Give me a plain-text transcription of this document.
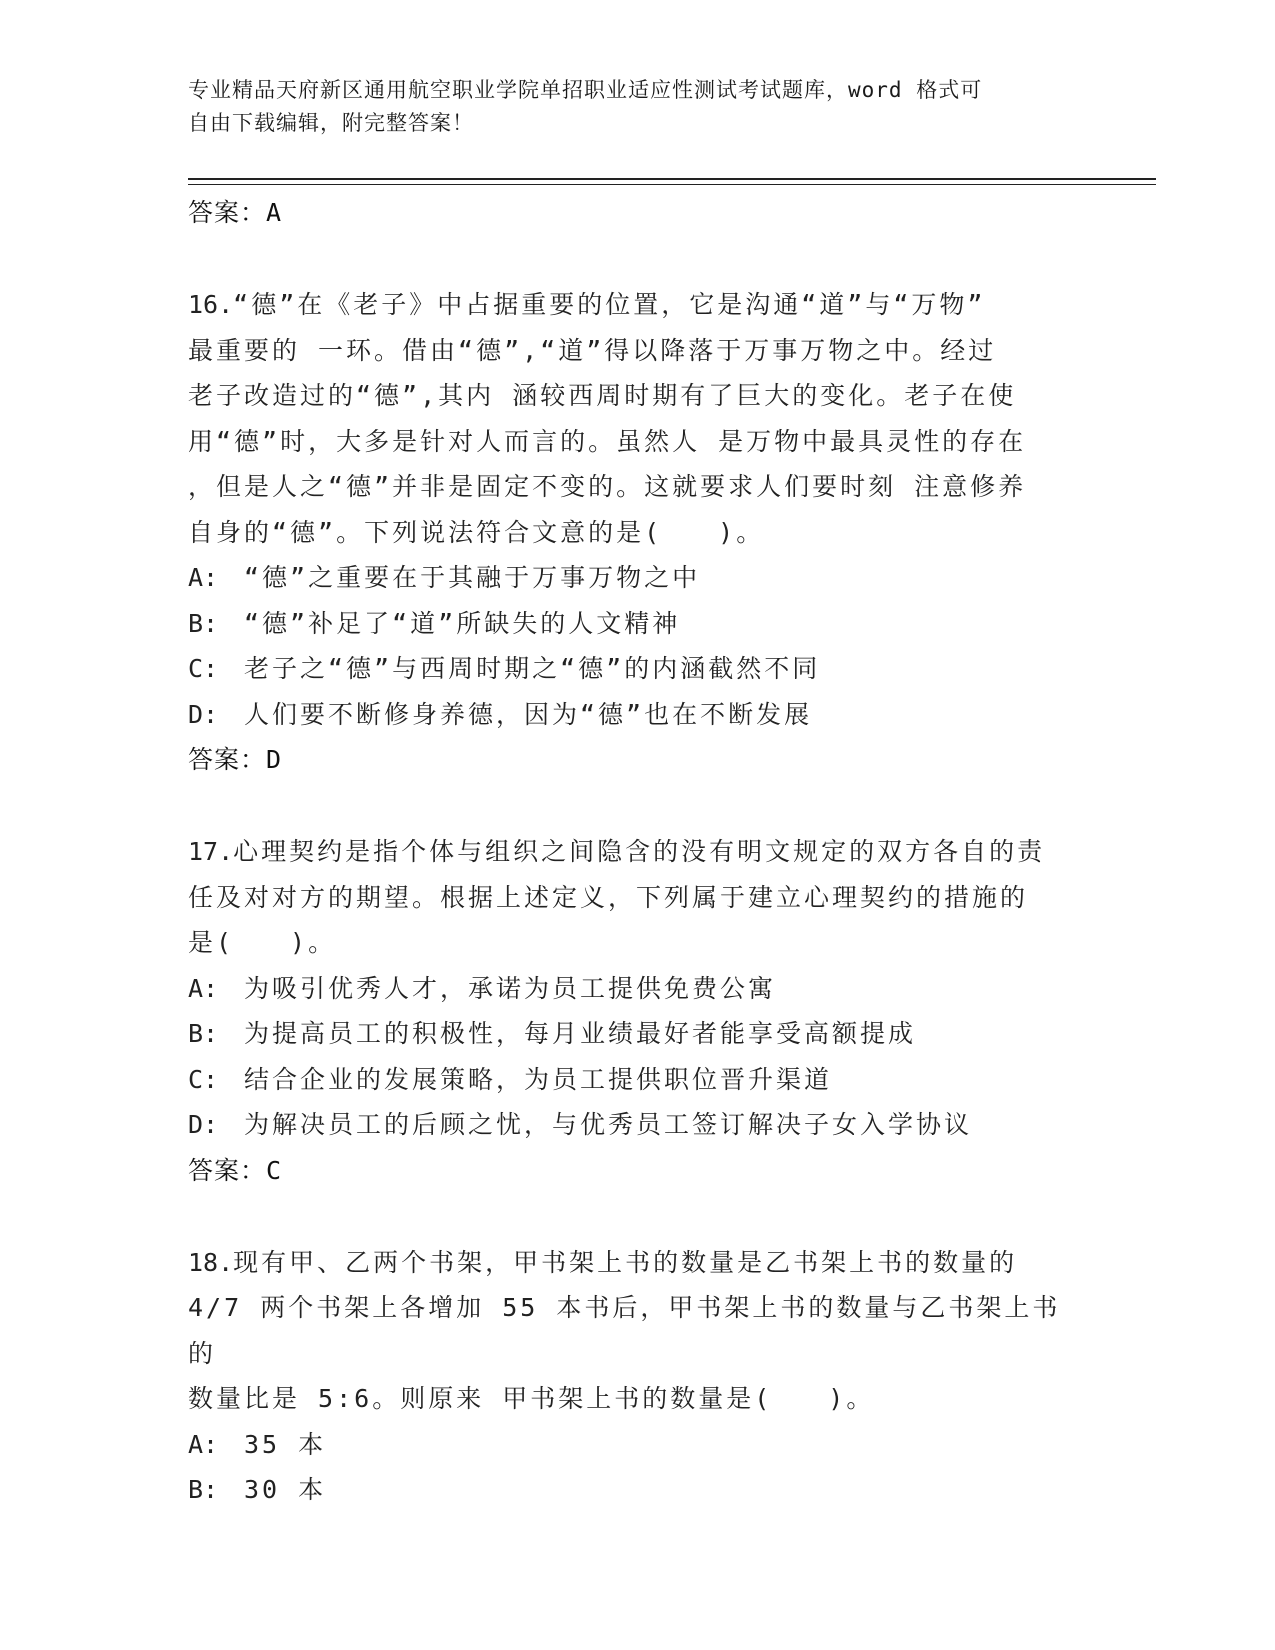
专业精品天府新区通用航空职业学院单招职业适应性测试考试题库，word 格式可
自由下载编辑，附完整答案！
答案：A
16.“德”在《老子》中占据重要的位置，它是沟通“道”与“万物”
最重要的 一环。借由“德”,“道”得以降落于万事万物之中。经过
老子改造过的“德”,其内 涵较西周时期有了巨大的变化。老子在使
用“德”时，大多是针对人而言的。虽然人 是万物中最具灵性的存在
，但是人之“德”并非是固定不变的。这就要求人们要时刻 注意修养
自身的“德”。下列说法符合文意的是(　　)。
A: “德”之重要在于其融于万事万物之中
B: “德”补足了“道”所缺失的人文精神
C: 老子之“德”与西周时期之“德”的内涵截然不同
D: 人们要不断修身养德，因为“德”也在不断发展
答案：D
17.心理契约是指个体与组织之间隐含的没有明文规定的双方各自的责
任及对对方的期望。根据上述定义，下列属于建立心理契约的措施的
是(　　)。
A: 为吸引优秀人才，承诺为员工提供免费公寓
B: 为提高员工的积极性，每月业绩最好者能享受高额提成
C: 结合企业的发展策略，为员工提供职位晋升渠道
D: 为解决员工的后顾之忧，与优秀员工签订解决子女入学协议
答案：C
18.现有甲、乙两个书架，甲书架上书的数量是乙书架上书的数量的
4/7 两个书架上各增加 55 本书后，甲书架上书的数量与乙书架上书的
数量比是 5:6。则原来 甲书架上书的数量是(　　)。
A: 35 本
B: 30 本
